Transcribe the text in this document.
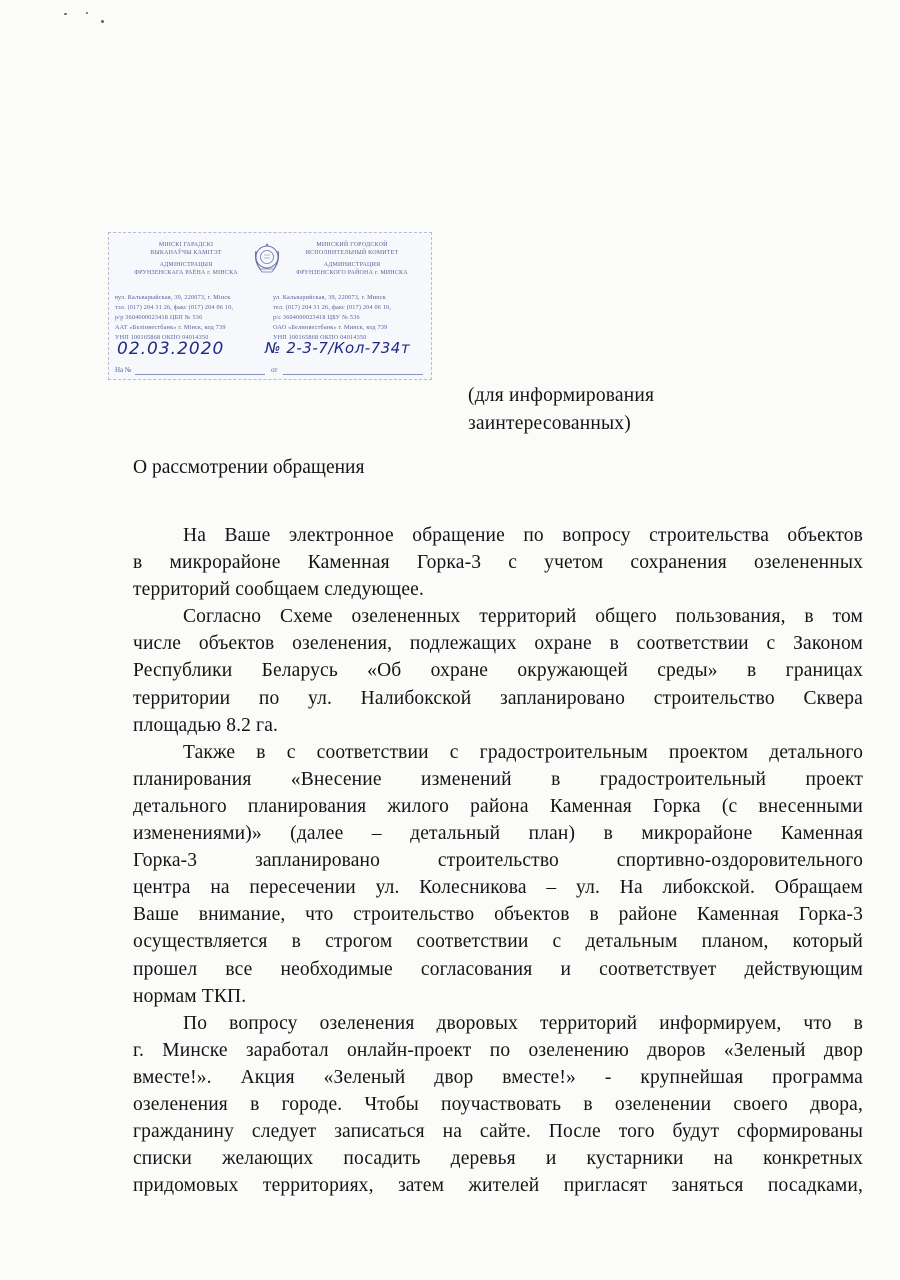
МІНСКІ ГАРАДСКІ
ВЫКАНАЎЧЫ КАМІТЭТ
АДМІНІСТРАЦЫЯ
ФРУНЗЕНСКАГА РАЁНА г. МІНСКА
МИНСКИЙ ГОРОДСКОЙ
ИСПОЛНИТЕЛЬНЫЙ КОМИТЕТ
АДМИНИСТРАЦИЯ
ФРУНЗЕНСКОГО РАЙОНА г. МИНСКА
вул. Калъварыйская, 39, 220073, г. Мінск
тэл. (017) 204 31 26, факс (017) 204 06 10,
р/р 3604000023418 ЦБП № 536
ААТ «Белінвестбанк» г. Мінск, код 739
УНП 100165868 ОКПО 04014350
ул. Кальварийская, 39, 220073, г. Минск
тел. (017) 204 31 26, факс (017) 204 06 10,
р/с 3604000023418 ЦБУ № 536
ОАО «Белинвестбанк» г. Минск, код 739
УНП 100165868 ОКПО 04014350
02.03.2020	№ 2-3-7/Кол-734т
На №	от
(для информирования
заинтересованных)
О рассмотрении обращения
На Ваше электронное обращение по вопросу строительства объектов
в микрорайоне Каменная Горка-3 с учетом сохранения озелененных
территорий сообщаем следующее.
Согласно Схеме озелененных территорий общего пользования, в том
числе объектов озеленения, подлежащих охране в соответствии с Законом
Республики Беларусь «Об охране окружающей среды» в границах
территории по ул. Налибокской запланировано строительство Сквера
площадью 8.2 га.
Также в с соответствии с градостроительным проектом детального
планирования «Внесение изменений в градостроительный проект
детального планирования жилого района Каменная Горка (с внесенными
изменениями)» (далее – детальный план) в микрорайоне Каменная
Горка-3 запланировано строительство спортивно-оздоровительного
центра на пересечении ул. Колесникова – ул. На либокской. Обращаем
Ваше внимание, что строительство объектов в районе Каменная Горка-3
осуществляется в строгом соответствии с детальным планом, который
прошел все необходимые согласования и соответствует действующим
нормам ТКП.
По вопросу озеленения дворовых территорий информируем, что в
г. Минске заработал онлайн-проект по озеленению дворов «Зеленый двор
вместе!». Акция «Зеленый двор вместе!» - крупнейшая программа
озеленения в городе. Чтобы поучаствовать в озеленении своего двора,
гражданину следует записаться на сайте. После того будут сформированы
списки желающих посадить деревья и кустарники на конкретных
придомовых территориях, затем жителей пригласят заняться посадками,
